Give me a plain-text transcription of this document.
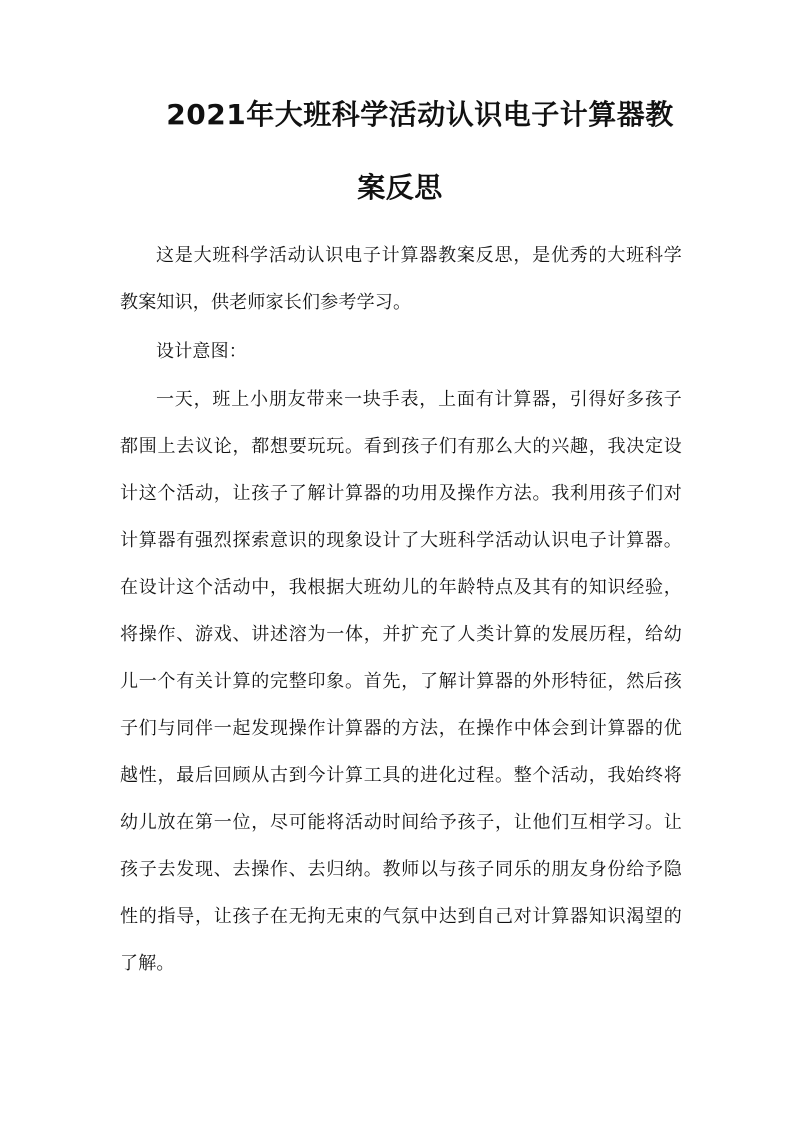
2021年大班科学活动认识电子计算器教
案反思

这是大班科学活动认识电子计算器教案反思，是优秀的大班科学教案知识，供老师家长们参考学习。

设计意图：

一天，班上小朋友带来一块手表，上面有计算器，引得好多孩子都围上去议论，都想要玩玩。看到孩子们有那么大的兴趣，我决定设计这个活动，让孩子了解计算器的功用及操作方法。我利用孩子们对计算器有强烈探索意识的现象设计了大班科学活动认识电子计算器。在设计这个活动中，我根据大班幼儿的年龄特点及其有的知识经验，将操作、游戏、讲述溶为一体，并扩充了人类计算的发展历程，给幼儿一个有关计算的完整印象。首先，了解计算器的外形特征，然后孩子们与同伴一起发现操作计算器的方法，在操作中体会到计算器的优越性，最后回顾从古到今计算工具的进化过程。整个活动，我始终将幼儿放在第一位，尽可能将活动时间给予孩子，让他们互相学习。让孩子去发现、去操作、去归纳。教师以与孩子同乐的朋友身份给予隐性的指导，让孩子在无拘无束的气氛中达到自己对计算器知识渴望的了解。
